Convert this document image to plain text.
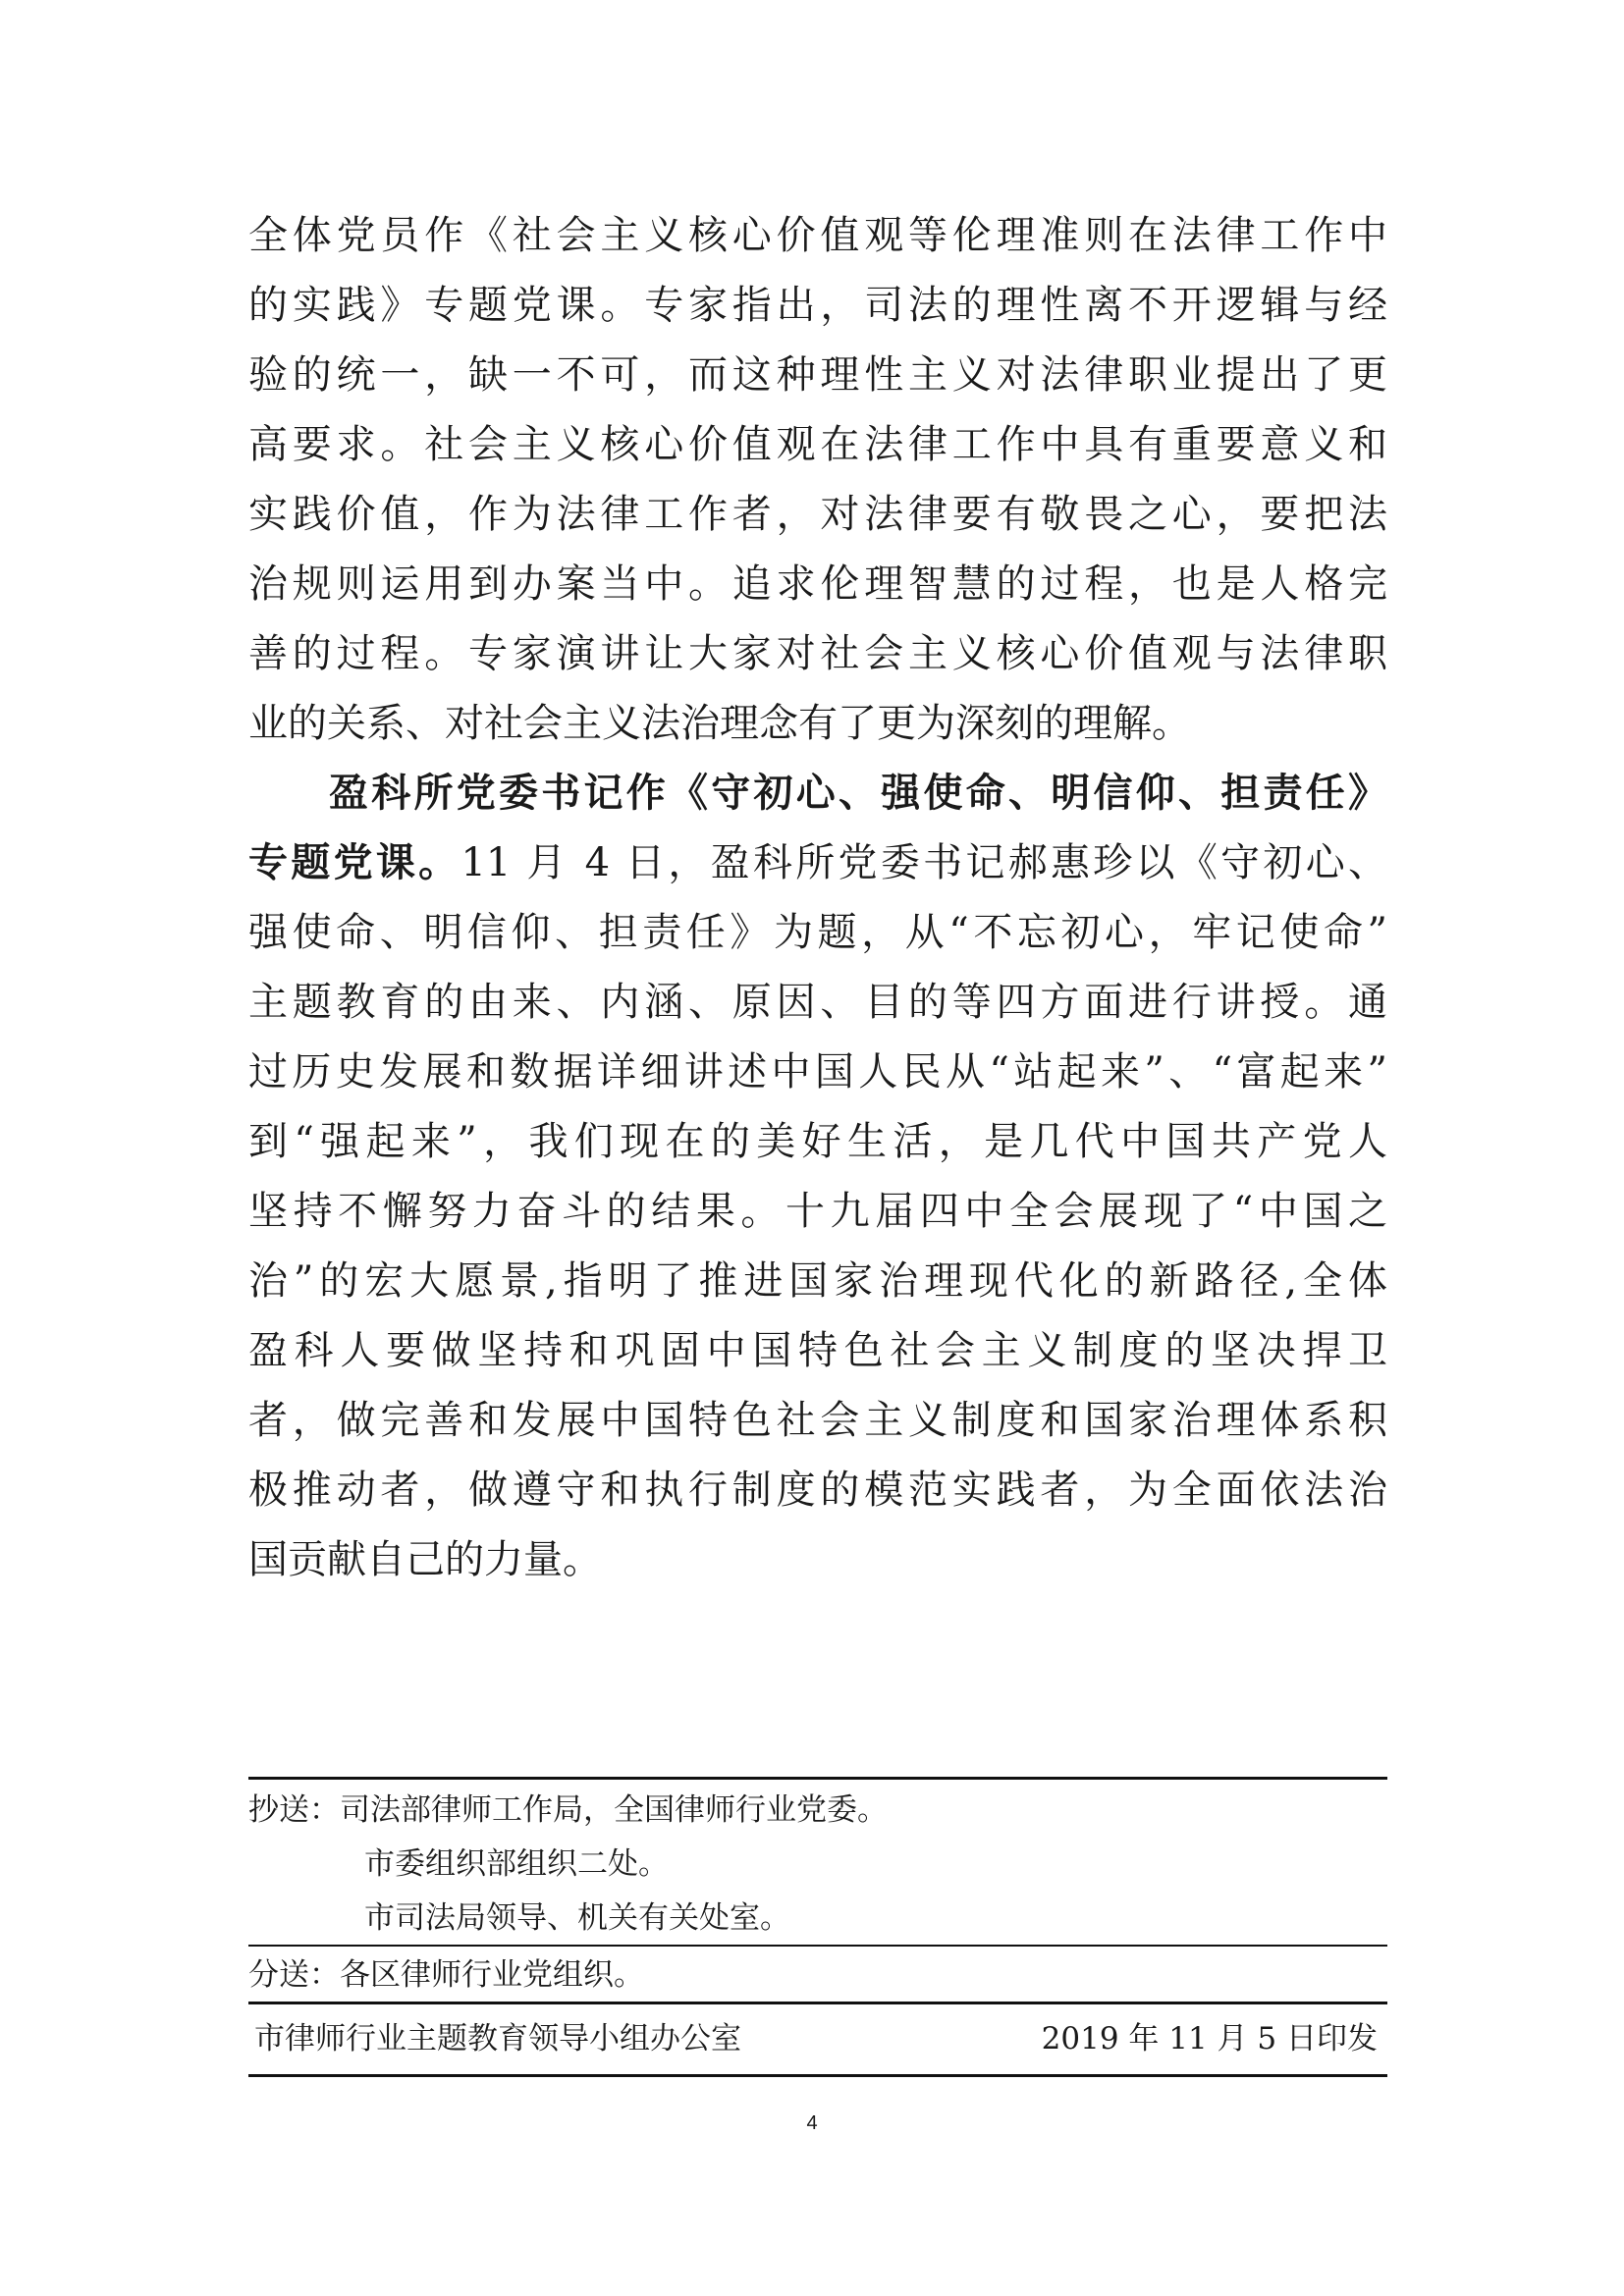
全体党员作《社会主义核心价值观等伦理准则在法律工作中
的实践》专题党课。专家指出，司法的理性离不开逻辑与经
验的统一，缺一不可，而这种理性主义对法律职业提出了更
高要求。社会主义核心价值观在法律工作中具有重要意义和
实践价值，作为法律工作者，对法律要有敬畏之心，要把法
治规则运用到办案当中。追求伦理智慧的过程，也是人格完
善的过程。专家演讲让大家对社会主义核心价值观与法律职
业的关系、对社会主义法治理念有了更为深刻的理解。
盈科所党委书记作《守初心、强使命、明信仰、担责任》
专题党课。11 月 4 日，盈科所党委书记郝惠珍以《守初心、
强使命、明信仰、担责任》为题，从“不忘初心，牢记使命”
主题教育的由来、内涵、原因、目的等四方面进行讲授。通
过历史发展和数据详细讲述中国人民从“站起来”、“富起来”
到“强起来”，我们现在的美好生活，是几代中国共产党人
坚持不懈努力奋斗的结果。十九届四中全会展现了“中国之
治”的宏大愿景,指明了推进国家治理现代化的新路径,全体
盈科人要做坚持和巩固中国特色社会主义制度的坚决捍卫
者，做完善和发展中国特色社会主义制度和国家治理体系积
极推动者，做遵守和执行制度的模范实践者，为全面依法治
国贡献自己的力量。
抄送：司法部律师工作局，全国律师行业党委。
市委组织部组织二处。
市司法局领导、机关有关处室。
分送：各区律师行业党组织。
市律师行业主题教育领导小组办公室	2019 年 11 月 5 日印发
4
